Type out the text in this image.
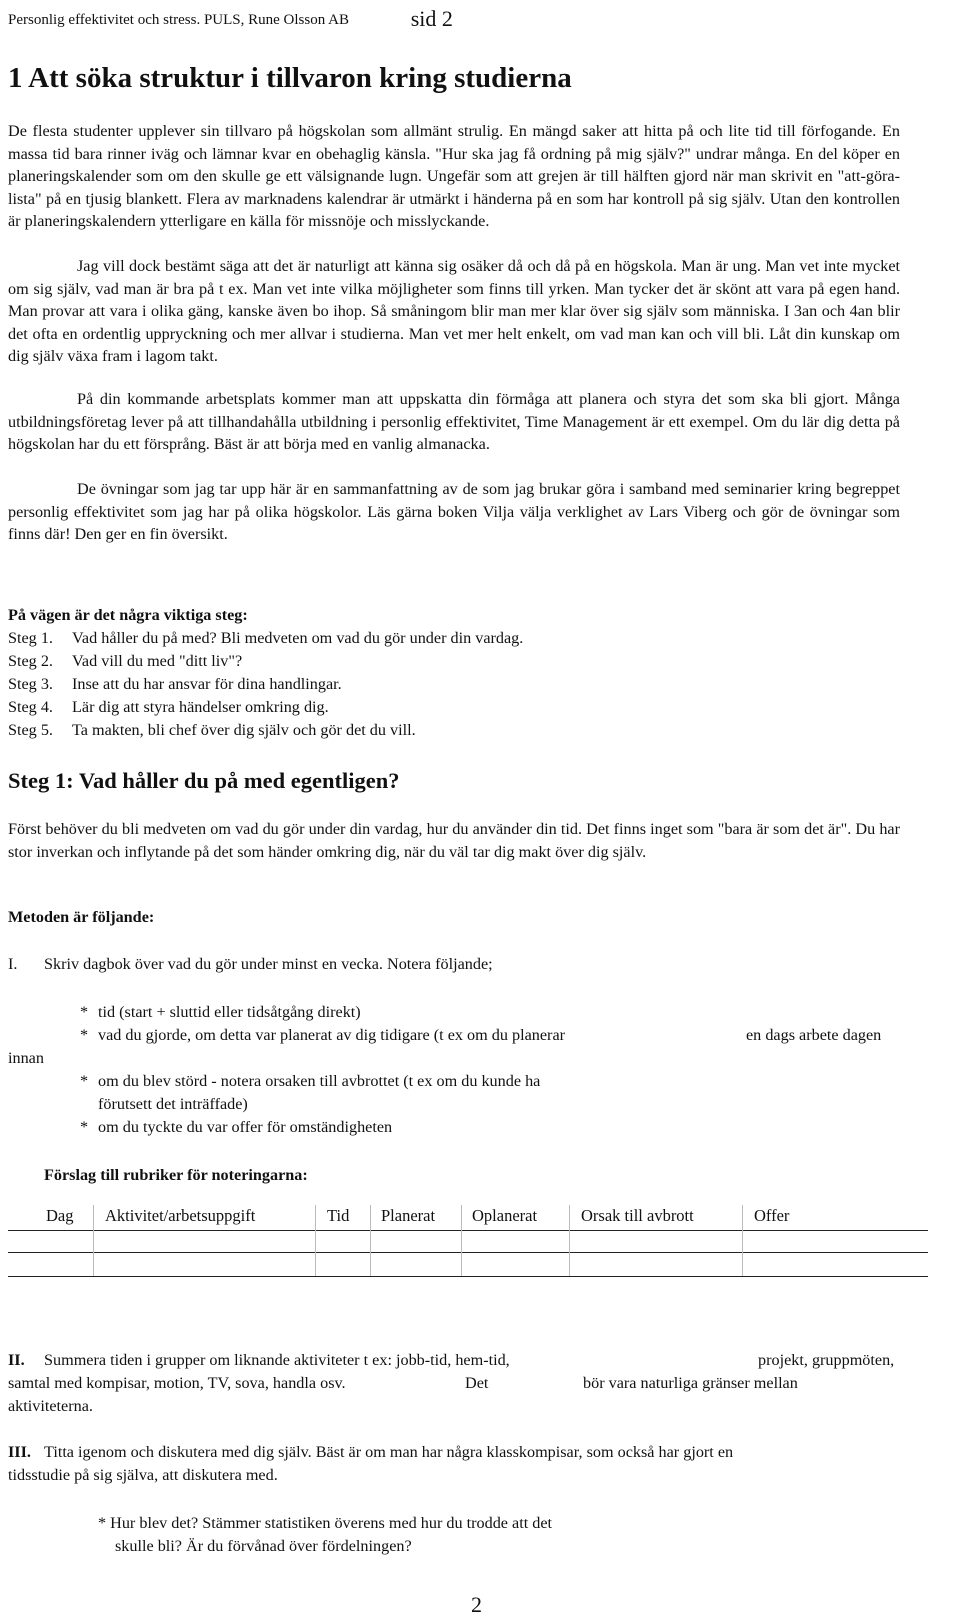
Personlig effektivitet och stress. PULS, Rune Olsson AB	sid 2
1 Att söka struktur i tillvaron kring studierna
De flesta studenter upplever sin tillvaro på högskolan som allmänt strulig. En mängd saker att hitta på och lite tid till förfogande. En massa tid bara rinner iväg och lämnar kvar en obehaglig känsla. "Hur ska jag få ordning på mig själv?" undrar många. En del köper en planeringskalender som om den skulle ge ett välsignande lugn. Ungefär som att grejen är till hälften gjord när man skrivit en "att-göra-lista" på en tjusig blankett. Flera av marknadens kalendrar är utmärkt i händerna på en som har kontroll på sig själv. Utan den kontrollen är planeringskalendern ytterligare en källa för missnöje och misslyckande.
Jag vill dock bestämt säga att det är naturligt att känna sig osäker då och då på en högskola. Man är ung. Man vet inte mycket om sig själv, vad man är bra på t ex. Man vet inte vilka möjligheter som finns till yrken. Man tycker det är skönt att vara på egen hand. Man provar att vara i olika gäng, kanske även bo ihop. Så småningom blir man mer klar över sig själv som människa. I 3an och 4an blir det ofta en ordentlig uppryckning och mer allvar i studierna. Man vet mer helt enkelt, om vad man kan och vill bli. Låt din kunskap om dig själv växa fram i lagom takt.
På din kommande arbetsplats kommer man att uppskatta din förmåga att planera och styra det som ska bli gjort. Många utbildningsföretag lever på att tillhandahålla utbildning i personlig effektivitet, Time Management är ett exempel. Om du lär dig detta på högskolan har du ett försprång. Bäst är att börja med en vanlig almanacka.
De övningar som jag tar upp här är en sammanfattning av de som jag brukar göra i samband med seminarier kring begreppet personlig effektivitet som jag har på olika högskolor. Läs gärna boken Vilja välja verklighet av Lars Viberg och gör de övningar som finns där! Den ger en fin översikt.
På vägen är det några viktiga steg:
Steg 1. Vad håller du på med? Bli medveten om vad du gör under din vardag.
Steg 2. Vad vill du med "ditt liv"?
Steg 3. Inse att du har ansvar för dina handlingar.
Steg 4. Lär dig att styra händelser omkring dig.
Steg 5. Ta makten, bli chef över dig själv och gör det du vill.
Steg 1: Vad håller du på med egentligen?
Först behöver du bli medveten om vad du gör under din vardag, hur du använder din tid. Det finns inget som "bara är som det är". Du har stor inverkan och inflytande på det som händer omkring dig, när du väl tar dig makt över dig själv.
Metoden är följande:
I. Skriv dagbok över vad du gör under minst en vecka. Notera följande;
* tid (start + sluttid eller tidsåtgång direkt)
* vad du gjorde, om detta var planerat av dig tidigare (t ex om du planerar	en dags arbete dagen
innan
* om du blev störd - notera orsaken till avbrottet (t ex om du kunde ha
förutsett det inträffade)
* om du tyckte du var offer för omständigheten
Förslag till rubriker för noteringarna:
Dag Aktivitet/arbetsuppgift	Tid Planerat Oplanerat	Orsak till avbrott	Offer
II. Summera tiden i grupper om liknande aktiviteter t ex: jobb-tid, hem-tid,	projekt, gruppmöten,
samtal med kompisar, motion, TV, sova, handla osv.	Det	bör vara naturliga gränser mellan
aktiviteterna.
III. Titta igenom och diskutera med dig själv. Bäst är om man har några klasskompisar, som också har gjort en
tidsstudie på sig själva, att diskutera med.
* Hur blev det? Stämmer statistiken överens med hur du trodde att det
skulle bli? Är du förvånad över fördelningen?
2
